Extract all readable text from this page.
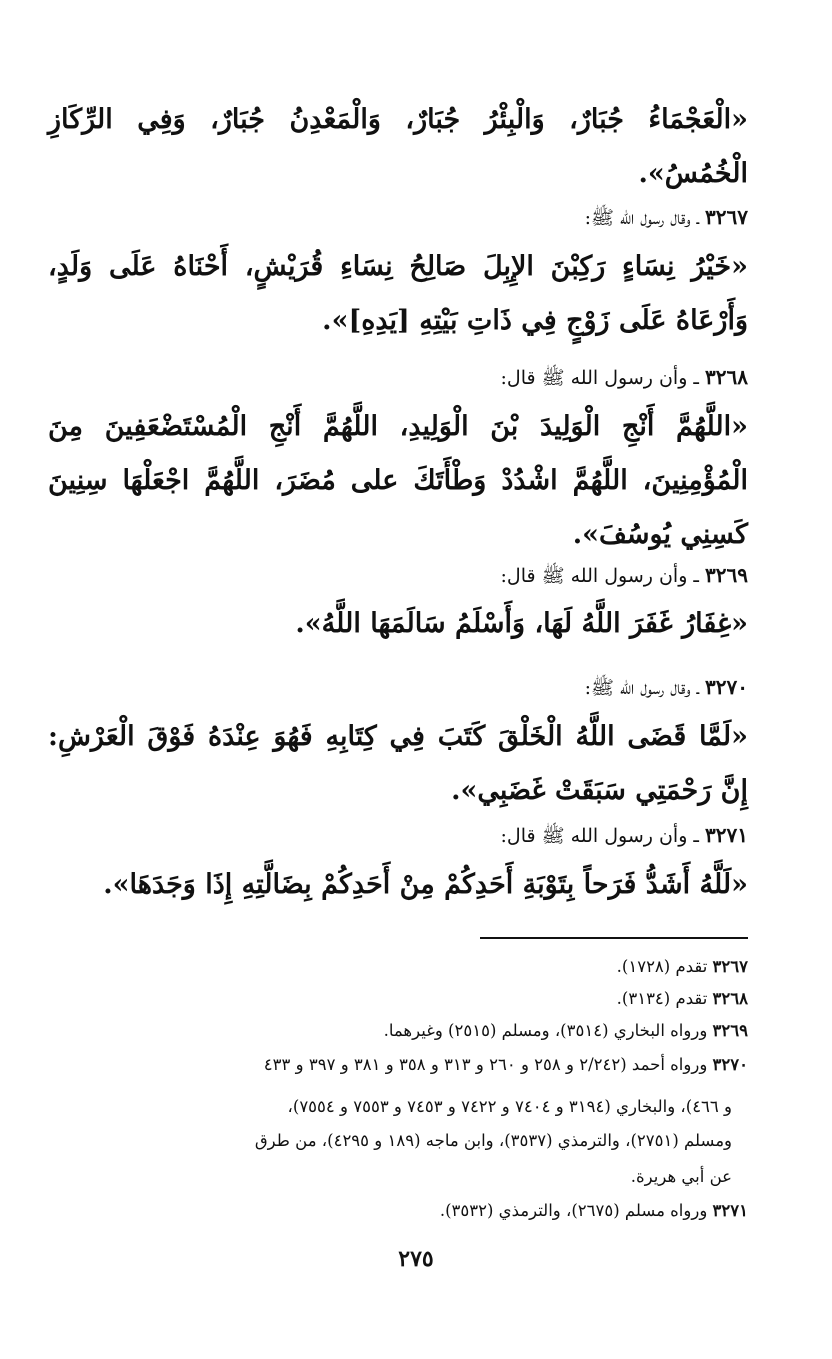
«الْعَجْمَاءُ جُبَارٌ، وَالْبِئْرُ جُبَارٌ، وَالْمَعْدِنُ جُبَارٌ، وَفِي الرِّكَازِ الْخُمُسُ».

٣٢٦٧ ـ وقال رسول الله ﷺ:

«خَيْرُ نِسَاءٍ رَكِبْنَ الإِبِلَ صَالِحُ نِسَاءِ قُرَيْشٍ، أَحْنَاهُ عَلَى وَلَدٍ، وَأَرْعَاهُ عَلَى زَوْجٍ فِي ذَاتِ بَيْتِهِ [يَدِهِ]».

٣٢٦٨ ـ وأن رسول الله ﷺ قال:

«اللَّهُمَّ أَنْجِ الْوَلِيدَ بْنَ الْوَلِيدِ، اللَّهُمَّ أَنْجِ الْمُسْتَضْعَفِينَ مِنَ الْمُؤْمِنِينَ، اللَّهُمَّ اشْدُدْ وَطْأَتَكَ على مُضَرَ، اللَّهُمَّ اجْعَلْهَا سِنِينَ كَسِنِي يُوسُفَ».

٣٢٦٩ ـ وأن رسول الله ﷺ قال:

«غِفَارُ غَفَرَ اللَّهُ لَهَا، وَأَسْلَمُ سَالَمَهَا اللَّهُ».

٣٢٧٠ ـ وقال رسول الله ﷺ:

«لَمَّا قَضَى اللَّهُ الْخَلْقَ كَتَبَ فِي كِتَابِهِ فَهُوَ عِنْدَهُ فَوْقَ الْعَرْشِ: إِنَّ رَحْمَتِي سَبَقَتْ غَضَبِي».

٣٢٧١ ـ وأن رسول الله ﷺ قال:

«لَلَّهُ أَشَدُّ فَرَحاً بِتَوْبَةِ أَحَدِكُمْ مِنْ أَحَدِكُمْ بِضَالَّتِهِ إِذَا وَجَدَهَا».

٣٢٦٧ تقدم (١٧٢٨).

٣٢٦٨ تقدم (٣١٣٤).

٣٢٦٩ ورواه البخاري (٣٥١٤)، ومسلم (٢٥١٥) وغيرهما.

٣٢٧٠ ورواه أحمد (٢/٢٤٢ و ٢٥٨ و ٢٦٠ و ٣١٣ و ٣٥٨ و ٣٨١ و ٣٩٧ و ٤٣٣

و ٤٦٦)، والبخاري (٣١٩٤ و ٧٤٠٤ و ٧٤٢٢ و ٧٤٥٣ و ٧٥٥٣ و ٧٥٥٤)،

ومسلم (٢٧٥١)، والترمذي (٣٥٣٧)، وابن ماجه (١٨٩ و ٤٢٩٥)، من طرق

عن أبي هريرة.

٣٢٧١ ورواه مسلم (٢٦٧٥)، والترمذي (٣٥٣٢).

٢٧٥
